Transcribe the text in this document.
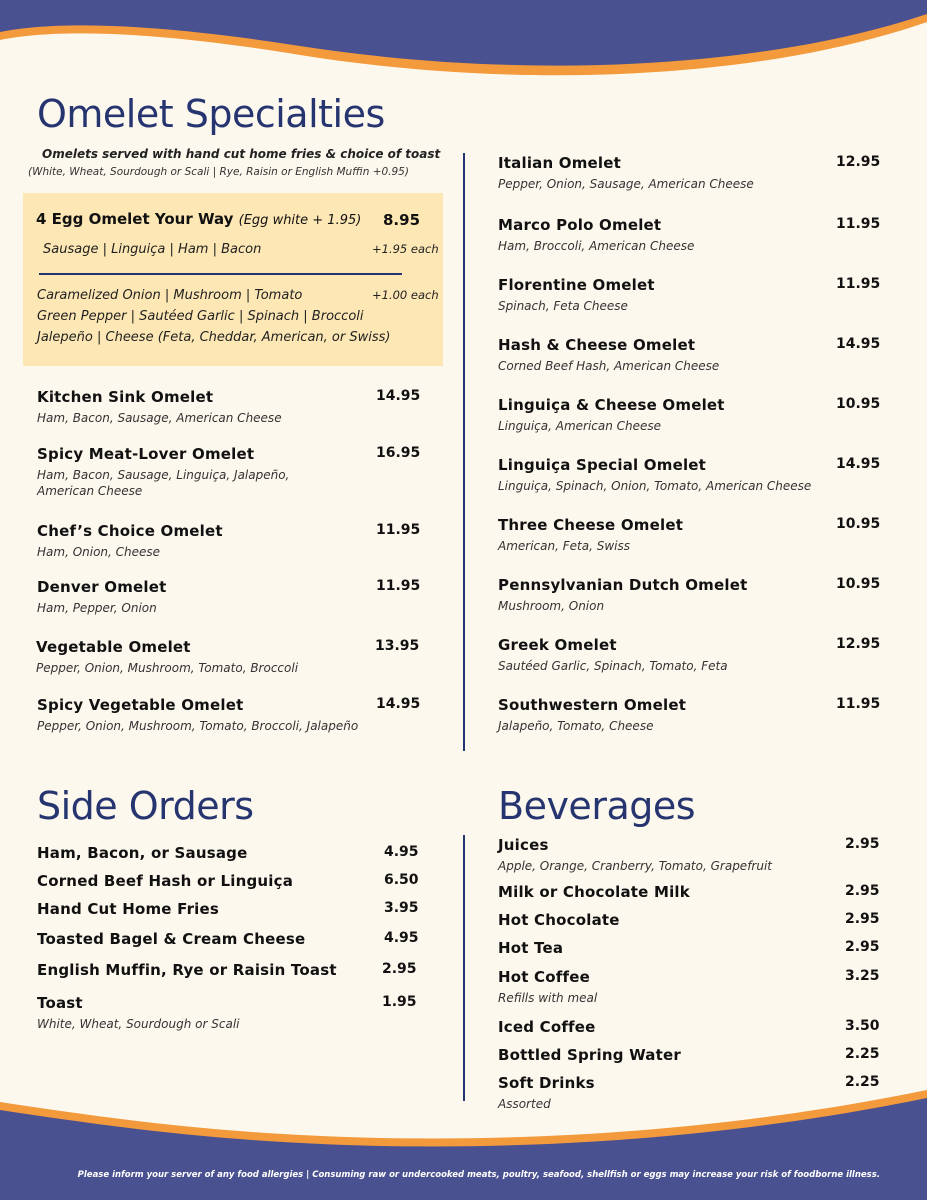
Omelet Specialties

Omelets served with hand cut home fries & choice of toast

(White, Wheat, Sourdough or Scali | Rye, Raisin or English Muffin +0.95)

4 Egg Omelet Your Way (Egg white + 1.95) 8.95
Sausage | Linguiça | Ham | Bacon	+1.95 each
Caramelized Onion | Mushroom | Tomato
Green Pepper | Sautéed Garlic | Spinach | Broccoli
Jalepeño | Cheese (Feta, Cheddar, American, or Swiss)
+1.00 each
Kitchen Sink Omelet	14.95
Ham, Bacon, Sausage, American Cheese
Spicy Meat-Lover Omelet	16.95
Ham, Bacon, Sausage, Linguiça, Jalapeño,
American Cheese
Chef’s Choice Omelet	11.95
Ham, Onion, Cheese
Denver Omelet	11.95
Ham, Pepper, Onion
Vegetable Omelet	13.95
Pepper, Onion, Mushroom, Tomato, Broccoli
Spicy Vegetable Omelet	14.95
Pepper, Onion, Mushroom, Tomato, Broccoli, Jalapeño
Italian Omelet	12.95
Pepper, Onion, Sausage, American Cheese
Marco Polo Omelet	11.95
Ham, Broccoli, American Cheese
Florentine Omelet	11.95
Spinach, Feta Cheese
Hash & Cheese Omelet	14.95
Corned Beef Hash, American Cheese
Linguiça & Cheese Omelet	10.95
Linguiça, American Cheese
Linguiça Special Omelet	14.95
Linguiça, Spinach, Onion, Tomato, American Cheese
Three Cheese Omelet	10.95
American, Feta, Swiss
Pennsylvanian Dutch Omelet	10.95
Mushroom, Onion
Greek Omelet	12.95
Sautéed Garlic, Spinach, Tomato, Feta
Southwestern Omelet	11.95
Jalapeño, Tomato, Cheese
Side Orders
Ham, Bacon, or Sausage	4.95
Corned Beef Hash or Linguiça	6.50
Hand Cut Home Fries	3.95
Toasted Bagel & Cream Cheese	4.95
English Muffin, Rye or Raisin Toast	2.95
Toast	1.95
White, Wheat, Sourdough or Scali
Beverages
Juices	2.95
Apple, Orange, Cranberry, Tomato, Grapefruit
Milk or Chocolate Milk	2.95
Hot Chocolate	2.95
Hot Tea	2.95
Hot Coffee	3.25
Refills with meal
Iced Coffee	3.50
Bottled Spring Water	2.25
Soft Drinks	2.25
Assorted
Please inform your server of any food allergies | Consuming raw or undercooked meats, poultry, seafood, shellfish or eggs may increase your risk of foodborne illness.
